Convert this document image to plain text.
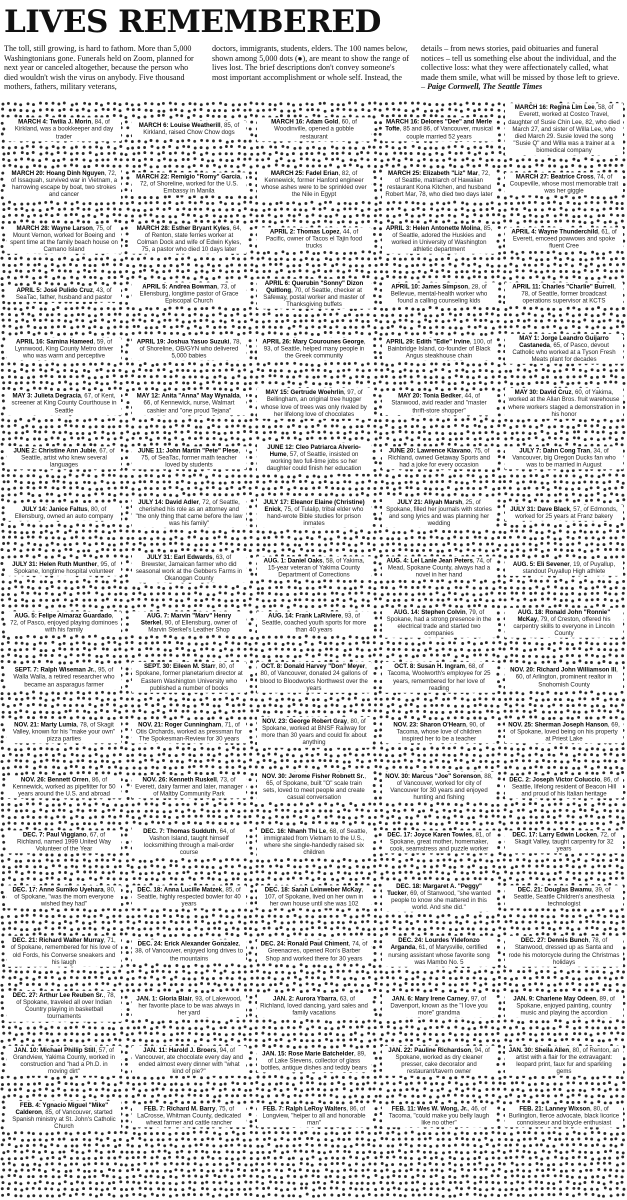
LIVES REMEMBERED

The toll, still growing, is hard to fathom. More than 5,000 Washingtonians gone. Funerals held on Zoom, planned for next year or canceled altogether, because the person who died wouldn't wish the virus on anybody. Five thousand mothers, fathers, military veterans,

doctors, immigrants, students, elders. The 100 names below, shown among 5,000 dots (●), are meant to show the range of lives lost. The brief descriptions don't convey someone's most important accomplishment or whole self. Instead, the

details – from news stories, paid obituaries and funeral notices – tell us something else about the individual, and the collective loss: what they were affectionately called, what made them smile, what will be missed by those left to grieve. – Paige Cornwell, The Seattle Times

MARCH 4: Twilia J. Morin, 84, of Kirkland, was a bookkeeper and day trader
MARCH 6: Louise Weatherill, 85, of Kirkland, raised Chow Chow dogs
MARCH 16: Adam Gold, 60, of Woodinville, opened a gobble restaurant
MARCH 16: Delores "Dee" and Merle Tofte, 85 and 86, of Vancouver, musical couple married 52 years
MARCH 16: Regina Lim Lee, 58, of Everett, worked at Costco Travel, daughter of Susie Chin Lee, 82, who died March 27, and sister of Willa Lee, who died March 29. Susie loved the song "Susie Q" and Willa was a trainer at a biomedical company
MARCH 20: Hoang Dinh Nguyen, 72, of Issaquah, survived war in Vietnam, a harrowing escape by boat, two strokes and cancer
MARCH 22: Remigio "Romy" Garcia, 72, of Shoreline, worked for the U.S. Embassy in Manila
MARCH 25: Fadel Erian, 82, of Kennewick, former Hanford engineer whose ashes were to be sprinkled over the Nile in Egypt
MARCH 25: Elizabeth "Liz" Mar, 72, of Seattle, matriarch of Hawaiian restaurant Kona Kitchen, and husband Robert Mar, 78, who died two days later
MARCH 27: Beatrice Cross, 74, of Coupeville, whose most memorable trait was her giggle
MARCH 28: Wayne Larson, 75, of Mount Vernon, worked for Boeing and spent time at the family beach house on Camano Island
MARCH 28: Esther Bryant Kyles, 64, of Renton, state ferries worker at Colman Dock and wife of Edwin Kyles, 75, a pastor who died 10 days later
APRIL 2: Thomas Lopez, 44, of Pacific, owner of Tacos el Tajin food trucks
APRIL 3: Helen Antonette Molina, 85, of Seattle, adored the Huskies and worked in University of Washington athletic department
APRIL 4: Wayne Thunderchild, 61, of Everett, emceed powwows and spoke fluent Cree
APRIL 5: José Pulido Cruz, 43, of SeaTac, father, husband and pastor
APRIL 5: Andrea Bowman, 73, of Ellensburg, longtime pastor of Grace Episcopal Church
APRIL 6: Querubin "Sonny" Dizon Quitlong, 70, of Seattle, checker at Safeway, postal worker and master of Thanksgiving buffets
APRIL 10: James Simpson, 28, of Bellevue, mental-health worker who found a calling counseling kids
APRIL 11: Charles "Charlie" Burrell, 78, of Seattle, former broadcast operations supervisor at KCTS
APRIL 16: Samina Hameed, 59, of Lynnwood, King County Metro driver who was warm and perceptive
APRIL 19: Joshua Yasuo Suzuki, 78, of Shoreline, OB/GYN who delivered 5,000 babies
APRIL 26: Mary Courounes George, 93, of Seattle, helped many people in the Greek community
APRIL 29: Edith "Edie" Irvine, 100, of Bainbridge Island, co-founder of Black Angus steakhouse chain
MAY 1: Jorge Leandro Guijarro Castaneda, 65, of Pasco, devout Catholic who worked at a Tyson Fresh Meats plant for decades
MAY 3: Julieta Degracia, 67, of Kent, screener at King County Courthouse in Seattle
MAY 12: Anita "Anna" May Wynalda, 66, of Kennewick, nurse, Walmart cashier and "one proud Tejana"
MAY 15: Gertrude Woehrlin, 97, of Bellingham, an original tree hugger whose love of trees was only rivaled by her lifelong love of chocolates
MAY 20: Tonia Bedker, 44, of Stanwood, avid reader and "master thrift-store shopper"
MAY 30: David Cruz, 60, of Yakima, worked at the Allan Bros. fruit warehouse where workers staged a demonstration in his honor
JUNE 2: Christine Ann Jubie, 67, of Seattle, artist who knew several languages
JUNE 11: John Martin "Pete" Plese, 75, of SeaTac, former math teacher loved by students
JUNE 12: Cleo Patriarca Alverio-Hume, 57, of Seattle, insisted on working two full-time jobs so her daughter could finish her education
JUNE 20: Lawrence Klavano, 75, of Richland, owned Getaway Sports and had a joke for every occasion
JULY 7: Dahn Cong Tran, 34, of Vancouver, big Oregon Ducks fan who was to be married in August
JULY 14: Janice Faltus, 80, of Ellensburg, owned an auto company
JULY 14: David Adler, 72, of Seattle, cherished his role as an attorney and "the only thing that came before the law was his family"
JULY 17: Eleanor Elaine (Christine) Enick, 75, of Tulalip, tribal elder who hand-wrote Bible studies for prison inmates
JULY 21: Aliyah Marsh, 25, of Spokane, filled her journals with stories and song lyrics and was planning her wedding
JULY 31: Dave Black, 57, of Edmonds, worked for 25 years at Franz bakery
JULY 31: Helen Ruth Munther, 95, of Spokane, longtime hospital volunteer
JULY 31: Earl Edwards, 63, of Brewster, Jamaican farmer who did seasonal work at the Gebbers Farms in Okanogan County
AUG. 1: Daniel Oaks, 58, of Yakima, 15-year veteran of Yakima County Department of Corrections
AUG. 4: Lei Lanie Jean Peters, 74, of Mead, Spokane County, always had a novel in her hand
AUG. 5: Eli Sevener, 19, of Puyallup, standout Puyallup High athlete
AUG. 5: Felipe Almaraz Guardado, 72, of Pasco, enjoyed playing dominoes with his family
AUG. 7: Marvin "Marv" Henry Sterkel, 90, of Ellensburg, owner of Marvin Sterkel's Leather Shop
AUG. 14: Frank LaRiviere, 93, of Seattle, coached youth sports for more than 40 years
AUG. 14: Stephen Colvin, 79, of Spokane, had a strong presence in the electrical trade and started two companies
AUG. 18: Ronald John "Ronnie" McKay, 79, of Creston, offered his carpentry skills to everyone in Lincoln County
SEPT. 7: Ralph Wiseman Jr., 95, of Walla Walla, a retired researcher who became an asparagus farmer
SEPT. 30: Eileen M. Starr, 80, of Spokane, former planetarium director at Eastern Washington University who published a number of books
OCT. 8: Donald Harvey "Don" Meyer, 80, of Vancouver, donated 24 gallons of blood to Bloodworks Northwest over the years
OCT. 8: Susan H. Ingram, 68, of Tacoma, Woolworth's employee for 25 years, remembered for her love of reading
NOV. 20: Richard John Williamson III, 60, of Arlington, prominent realtor in Snohomish County
NOV. 21: Marty Lumia, 78, of Skagit Valley, known for his "make your own" pizza parties
NOV. 21: Roger Cunningham, 71, of Otis Orchards, worked as pressman for The Spokesman-Review for 30 years
NOV. 23: George Robert Gray, 80, of Spokane, worked at BNSF Railway for more than 30 years and could fix about anything
NOV. 23: Sharon O'Hearn, 90, of Tacoma, whose love of children inspired her to be a teacher
NOV. 25: Sherman Joseph Hanson, 69, of Spokane, loved being on his property at Priest Lake
NOV. 26: Bennett Orren, 86, of Kennewick, worked as pipefitter for 50 years around the U.S. and abroad
NOV. 26: Kenneth Ruskell, 73, of Everett, dairy farmer and later, manager of Maltby Community Park
NOV. 30: Jerome Fisher Robnett Sr., 65, of Spokane, built "O" scale train sets, loved to meet people and create casual conversation
NOV. 30: Marcus "Joe" Sorenson, 88, of Vancouver, worked for city of Vancouver for 30 years and enjoyed hunting and fishing
DEC. 2: Joseph Victor Coluccio, 86, of Seattle, lifelong resident of Beacon Hill and proud of his Italian heritage
DEC. 7: Paul Viggiano, 67, of Richland, named 1999 United Way Volunteer of the Year
DEC. 7: Thomas Sudduth, 64, of Vashon Island, taught himself locksmithing through a mail-order course
DEC. 16: Nhanh Thi Le, 68, of Seattle, immigrated from Vietnam to the U.S., where she single-handedly raised six children
DEC. 17: Joyce Karen Towles, 81, of Spokane, great mother, homemaker, cook, seamstress and puzzle worker
DEC. 17: Larry Edwin Locken, 72, of Skagit Valley, taught carpentry for 32 years
DEC. 17: Anne Sumiko Uyehara, 80, of Spokane, "was the mom everyone wished they had"
DEC. 18: Anna Lucille Matzek, 85, of Seattle, highly respected bowler for 40 years
DEC. 18: Sarah Leinweber McKay, 107, of Spokane, lived on her own in her own house until she was 102
DEC. 18: Margaret A. "Peggy" Tucker, 69, of Stanwood, "she wanted people to know she mattered in this world. And she did."
DEC. 21: Douglas Bwamu, 39, of Seattle, Seattle Children's anesthesia technologist
DEC. 21: Richard Walter Murray, 71, of Spokane, remembered for his love of old Fords, his Converse sneakers and his laugh
DEC. 24: Erick Alexander Gonzalez, 38, of Vancouver, enjoyed long drives to the mountains
DEC. 24: Ronald Paul Chiment, 74, of Greenacres, opened Ron's Barber Shop and worked there for 30 years
DEC. 24: Lourdes Yldefonzo Arganda, 61, of Marysville, certified nursing assistant whose favorite song was Mambo No. 5
DEC. 27: Dennis Bunch, 78, of Stanwood, dressed up as Santa and rode his motorcycle during the Christmas holidays
DEC. 27: Arthur Lee Reuben Sr., 78, of Spokane, traveled all over Indian Country playing in basketball tournaments
JAN. 1: Gloria Blair, 93, of Lakewood, her favorite place to be was always in her yard
JAN. 2: Aurora Ybarra, 63, of Richland, loved dancing, yard sales and family vacations
JAN. 6: Mary Irene Carney, 97, of Davenport, known as the "I love you more" grandma
JAN. 9: Charlene May Odeen, 89, of Spokane, enjoyed painting, country music and playing the accordion
JAN. 10: Michael Phillip Still, 57, of Grandview, Yakima County, worked in construction and "had a Ph.D. in moving dirt"
JAN. 11: Harold J. Broers, 94, of Vancouver, ate chocolate every day and ended almost every dinner with "what kind of pie?"
JAN. 15: Rose Marie Batchelder, 89, of Lake Stevens, collector of glass bottles, antique dishes and teddy bears
JAN. 22: Pauline Richardson, 94, of Spokane, worked as dry cleaner presser, cake decorator and restaurant/tavern owner
JAN. 30: Sheila Allen, 80, of Renton, an artist with a flair for the extravagant: leopard print, faux fur and sparkling gems
FEB. 4: Ygnacio Miguel "Mike" Calderon, 85, of Vancouver, started Spanish ministry at St. John's Catholic Church
FEB. 7: Richard M. Barry, 75, of LaCrosse, Whitman County, dedicated wheat farmer and cattle rancher
FEB. 7: Ralph LeRoy Walters, 86, of Longview, "helper to all and honorable man"
FEB. 11: Wes W. Wong, Jr., 46, of Tacoma, "could make you belly laugh like no other"
FEB. 21: Lanney Wixson, 80, of Burlington, fierce advocate, black licorice connoisseur and bicycle enthusiast
